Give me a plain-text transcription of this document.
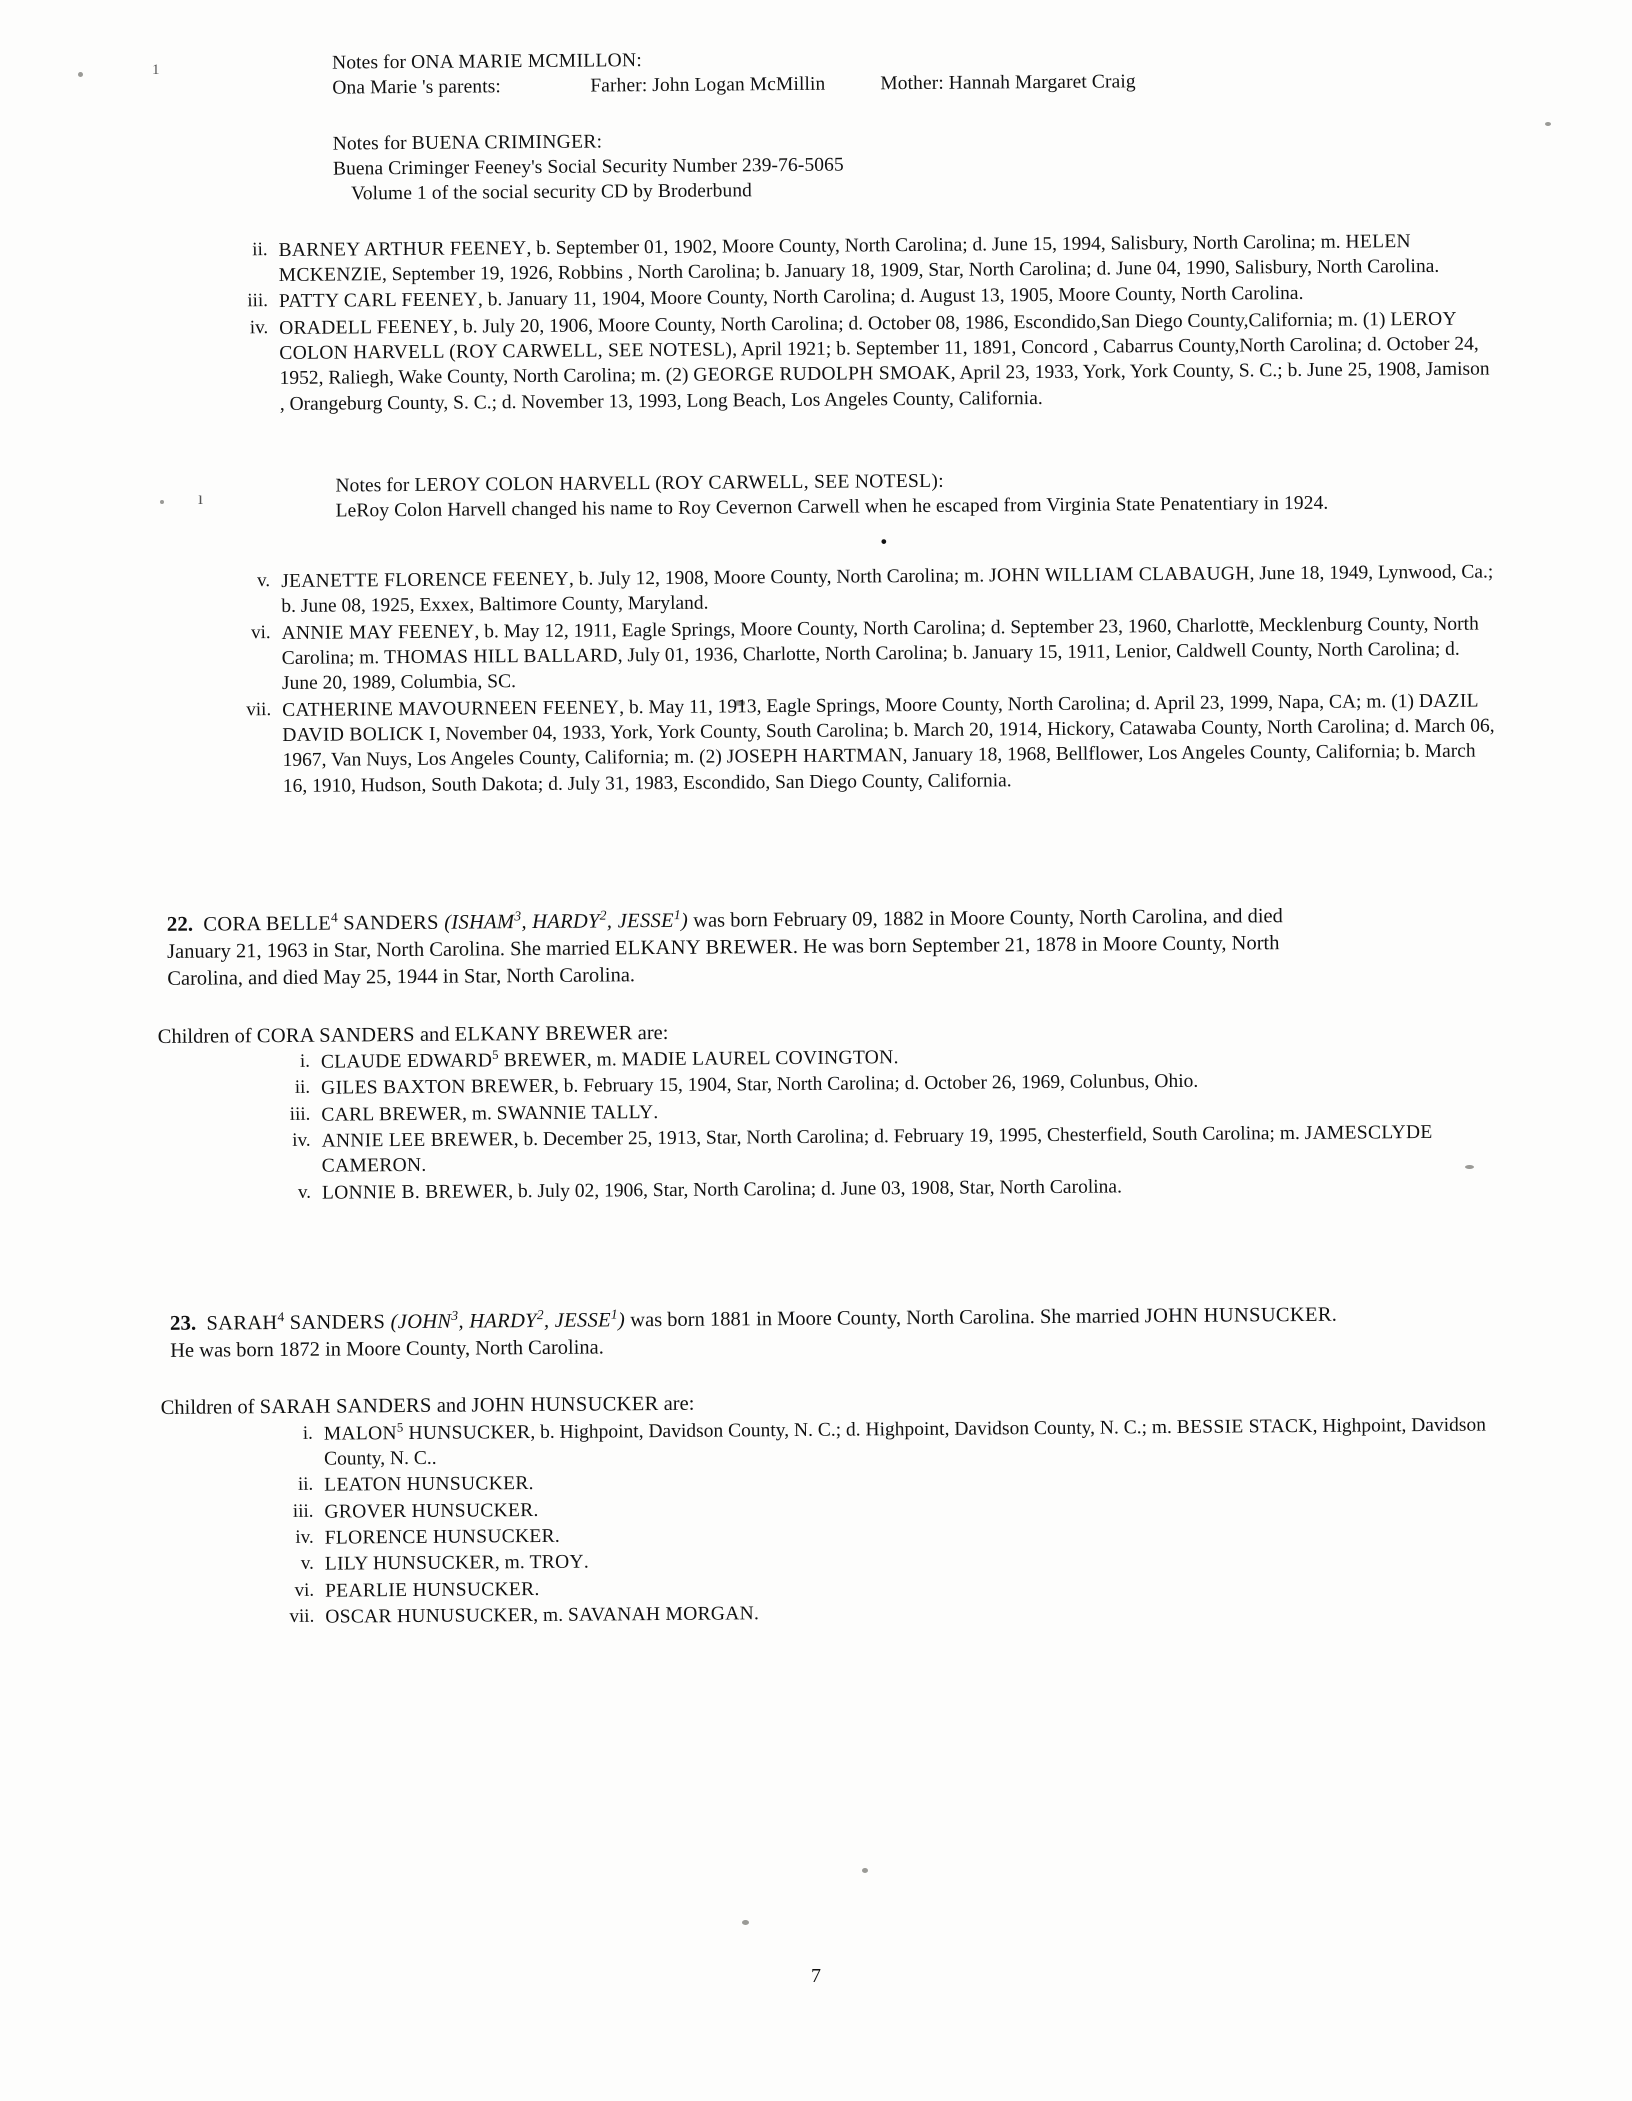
1
ı
Notes for ONA MARIE MCMILLON:
Ona Marie 's parents:	Farher: John Logan McMillin	Mother: Hannah Margaret Craig
Notes for BUENA CRIMINGER:
Buena Criminger Feeney's Social Security Number 239-76-5065
Volume 1 of the social security CD by Broderbund
ii. BARNEY ARTHUR FEENEY, b. September 01, 1902, Moore County, North Carolina; d. June 15, 1994, Salisbury, North Carolina; m. HELEN MCKENZIE, September 19, 1926, Robbins , North Carolina; b. January 18, 1909, Star, North Carolina; d. June 04, 1990, Salisbury, North Carolina.
iii. PATTY CARL FEENEY, b. January 11, 1904, Moore County, North Carolina; d. August 13, 1905, Moore County, North Carolina.
iv. ORADELL FEENEY, b. July 20, 1906, Moore County, North Carolina; d. October 08, 1986, Escondido,San Diego County,California; m. (1) LEROY COLON HARVELL (ROY CARWELL, SEE NOTESL), April 1921; b. September 11, 1891, Concord , Cabarrus County,North Carolina; d. October 24, 1952, Raliegh, Wake County, North Carolina; m. (2) GEORGE RUDOLPH SMOAK, April 23, 1933, York, York County, S. C.; b. June 25, 1908, Jamison , Orangeburg County, S. C.; d. November 13, 1993, Long Beach, Los Angeles County, California.
Notes for LEROY COLON HARVELL (ROY CARWELL, SEE NOTESL):
LeRoy Colon Harvell changed his name to Roy Cevernon Carwell when he escaped from Virginia State Penatentiary in 1924.
•
v. JEANETTE FLORENCE FEENEY, b. July 12, 1908, Moore County, North Carolina; m. JOHN WILLIAM CLABAUGH, June 18, 1949, Lynwood, Ca.; b. June 08, 1925, Exxex, Baltimore County, Maryland.
vi. ANNIE MAY FEENEY, b. May 12, 1911, Eagle Springs, Moore County, North Carolina; d. September 23, 1960, Charlotte, Mecklenburg County, North Carolina; m. THOMAS HILL BALLARD, July 01, 1936, Charlotte, North Carolina; b. January 15, 1911, Lenior, Caldwell County, North Carolina; d. June 20, 1989, Columbia, SC.
vii. CATHERINE MAVOURNEEN FEENEY, b. May 11, 1913, Eagle Springs, Moore County, North Carolina; d. April 23, 1999, Napa, CA; m. (1) DAZIL DAVID BOLICK I, November 04, 1933, York, York County, South Carolina; b. March 20, 1914, Hickory, Catawaba County, North Carolina; d. March 06, 1967, Van Nuys, Los Angeles County, California; m. (2) JOSEPH HARTMAN, January 18, 1968, Bellflower, Los Angeles County, California; b. March 16, 1910, Hudson, South Dakota; d. July 31, 1983, Escondido, San Diego County, California.
22. CORA BELLE$^4$ SANDERS (ISHAM$^3$, HARDY$^2$, JESSE$^1$) was born February 09, 1882 in Moore County, North Carolina, and died January 21, 1963 in Star, North Carolina. She married ELKANY BREWER. He was born September 21, 1878 in Moore County, North Carolina, and died May 25, 1944 in Star, North Carolina.
Children of CORA SANDERS and ELKANY BREWER are:
i. CLAUDE EDWARD$^5$ BREWER, m. MADIE LAUREL COVINGTON.
ii. GILES BAXTON BREWER, b. February 15, 1904, Star, North Carolina; d. October 26, 1969, Colunbus, Ohio.
iii. CARL BREWER, m. SWANNIE TALLY.
iv. ANNIE LEE BREWER, b. December 25, 1913, Star, North Carolina; d. February 19, 1995, Chesterfield, South Carolina; m. JAMESCLYDE CAMERON.
v. LONNIE B. BREWER, b. July 02, 1906, Star, North Carolina; d. June 03, 1908, Star, North Carolina.
23. SARAH$^4$ SANDERS (JOHN$^3$, HARDY$^2$, JESSE$^1$) was born 1881 in Moore County, North Carolina. She married JOHN HUNSUCKER. He was born 1872 in Moore County, North Carolina.
Children of SARAH SANDERS and JOHN HUNSUCKER are:
i. MALON$^5$ HUNSUCKER, b. Highpoint, Davidson County, N. C.; d. Highpoint, Davidson County, N. C.; m. BESSIE STACK, Highpoint, Davidson County, N. C..
ii. LEATON HUNSUCKER.
iii. GROVER HUNSUCKER.
iv. FLORENCE HUNSUCKER.
v. LILY HUNSUCKER, m. TROY.
vi. PEARLIE HUNSUCKER.
vii. OSCAR HUNUSUCKER, m. SAVANAH MORGAN.
7
